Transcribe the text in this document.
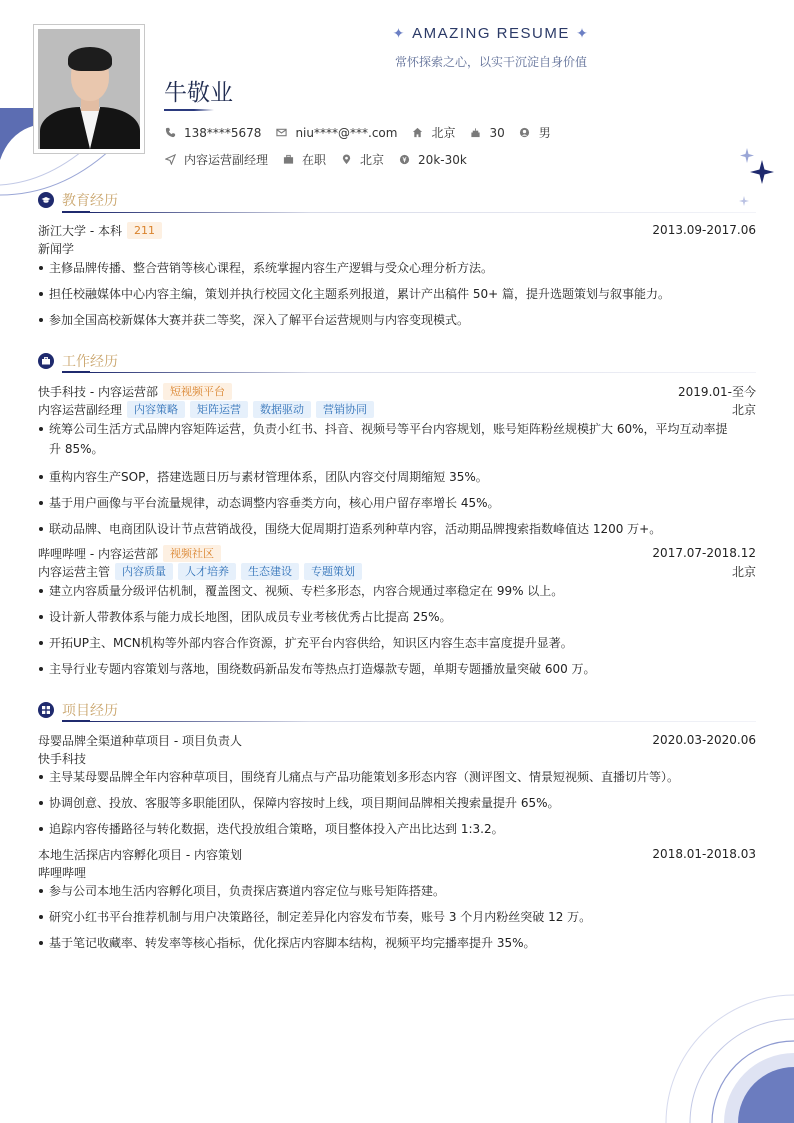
✦ AMAZING RESUME ✦
常怀探索之心，以实干沉淀自身价值
牛敬业
138****5678	niu****@***.com	北京	30	男
内容运营副经理	在职	北京	20k-30k
教育经历
浙江大学 - 本科	211	2013.09-2017.06
新闻学
主修品牌传播、整合营销等核心课程，系统掌握内容生产逻辑与受众心理分析方法。
担任校融媒体中心内容主编，策划并执行校园文化主题系列报道，累计产出稿件 50+ 篇，提升选题策划与叙事能力。
参加全国高校新媒体大赛并获二等奖，深入了解平台运营规则与内容变现模式。
工作经历
快手科技 - 内容运营部	短视频平台	2019.01-至今
内容运营副经理	内容策略	矩阵运营	数据驱动	营销协同	北京
统筹公司生活方式品牌内容矩阵运营，负责小红书、抖音、视频号等平台内容规划，账号矩阵粉丝规模扩大 60%，平均互动率提升 85%。
重构内容生产SOP，搭建选题日历与素材管理体系，团队内容交付周期缩短 35%。
基于用户画像与平台流量规律，动态调整内容垂类方向，核心用户留存率增长 45%。
联动品牌、电商团队设计节点营销战役，围绕大促周期打造系列种草内容，活动期品牌搜索指数峰值达 1200 万+。
哔哩哔哩 - 内容运营部	视频社区	2017.07-2018.12
内容运营主管	内容质量	人才培养	生态建设	专题策划	北京
建立内容质量分级评估机制，覆盖图文、视频、专栏多形态，内容合规通过率稳定在 99% 以上。
设计新人带教体系与能力成长地图，团队成员专业考核优秀占比提高 25%。
开拓UP主、MCN机构等外部内容合作资源，扩充平台内容供给，知识区内容生态丰富度提升显著。
主导行业专题内容策划与落地，围绕数码新品发布等热点打造爆款专题，单期专题播放量突破 600 万。
项目经历
母婴品牌全渠道种草项目 - 项目负责人	2020.03-2020.06
快手科技
主导某母婴品牌全年内容种草项目，围绕育儿痛点与产品功能策划多形态内容（测评图文、情景短视频、直播切片等）。
协调创意、投放、客服等多职能团队，保障内容按时上线，项目期间品牌相关搜索量提升 65%。
追踪内容传播路径与转化数据，迭代投放组合策略，项目整体投入产出比达到 1:3.2。
本地生活探店内容孵化项目 - 内容策划	2018.01-2018.03
哔哩哔哩
参与公司本地生活内容孵化项目，负责探店赛道内容定位与账号矩阵搭建。
研究小红书平台推荐机制与用户决策路径，制定差异化内容发布节奏，账号 3 个月内粉丝突破 12 万。
基于笔记收藏率、转发率等核心指标，优化探店内容脚本结构，视频平均完播率提升 35%。
